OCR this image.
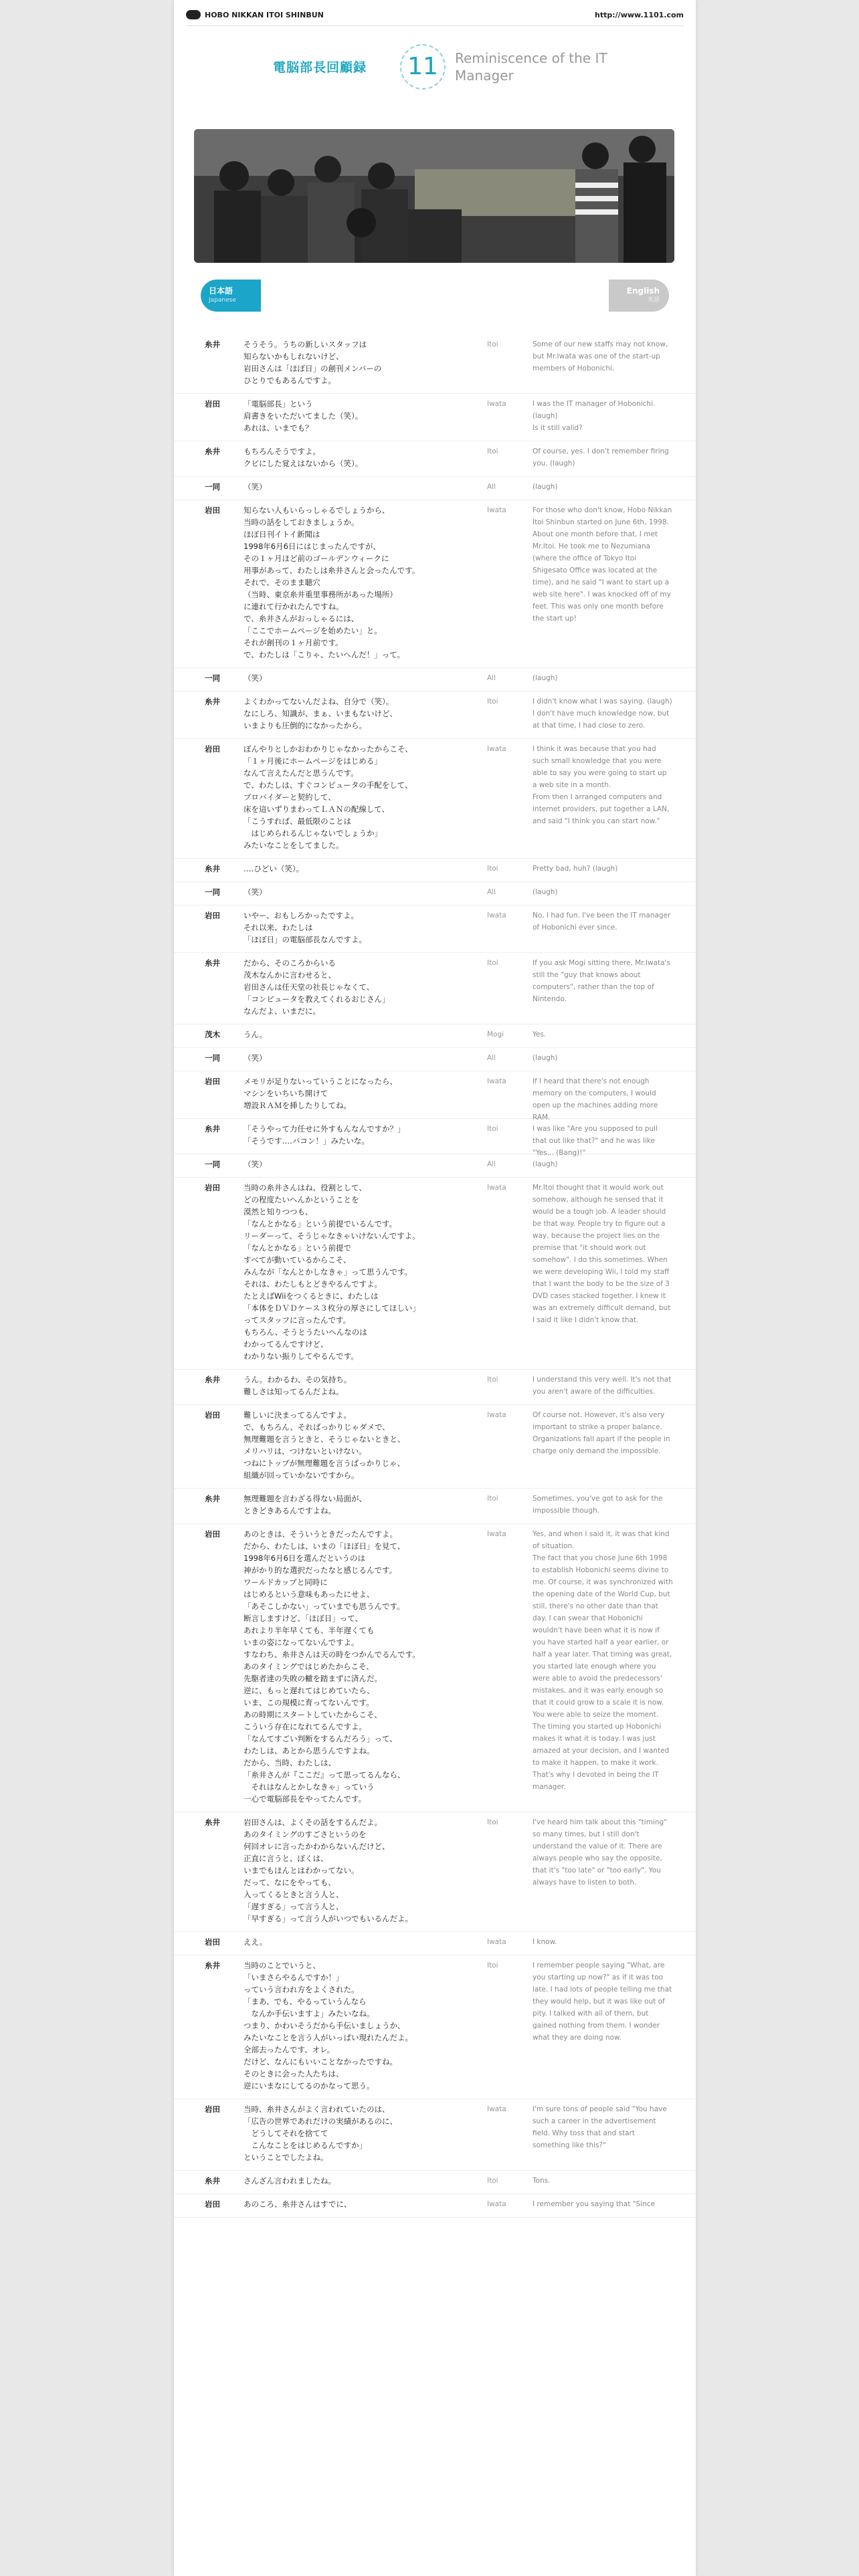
HOBO NIKKAN ITOI SHINBUN	http://www.1101.com
電脳部長回顧録	11	Reminiscence of the IT Manager
日本語
Japanese
English
英語
糸井	そうそう。うちの新しいスタッフは
知らないかもしれないけど、
岩田さんは「ほぼ日」の創刊メンバーの
ひとりでもあるんですよ。
Itoi	Some of our new staffs may not know, but Mr.Iwata was one of the start-up members of Hobonichi.
岩田	「電脳部長」という
肩書きをいただいてました（笑）。
あれは、いまでも？
Iwata	I was the IT manager of Hobonichi. (laugh)
Is it still valid?
糸井	もちろんそうですよ。
クビにした覚えはないから（笑）。
Itoi	Of course, yes. I don't remember firing you. (laugh)
一同	（笑）	All	(laugh)
岩田	知らない人もいらっしゃるでしょうから、
当時の話をしておきましょうか。
ほぼ日刊イトイ新聞は
1998年6月6日にはじまったんですが、
その１ヶ月ほど前のゴールデンウィークに
用事があって、わたしは糸井さんと会ったんです。
それで、そのまま聴穴
（当時、東京糸井重里事務所があった場所）
に連れて行かれたんですね。
で、糸井さんがおっしゃるには、
「ここでホームページを始めたい」と。
それが創刊の１ヶ月前です。
で、わたしは「こりゃ、たいへんだ！」って。
Iwata	For those who don't know, Hobo Nikkan Itoi Shinbun started on June 6th, 1998. About one month before that, I met Mr.Itoi. He took me to Nezumiana (where the office of Tokyo Itoi Shigesato Office was located at the time), and he said "I want to start up a web site here". I was knocked off of my feet. This was only one month before the start up!
一同	（笑）	All	(laugh)
糸井	よくわかってないんだよね、自分で（笑）。
なにしろ、知識が、まぁ、いまもないけど、
いまよりも圧倒的になかったから。
Itoi	I didn't know what I was saying. (laugh)
I don't have much knowledge now, but at that time, I had close to zero.
岩田	ぼんやりとしかおわかりじゃなかったからこそ、
「１ヶ月後にホームページをはじめる」
なんて言えたんだと思うんです。
で、わたしは、すぐコンピュータの手配をして、
プロバイダーと契約して、
床を這いずりまわってＬＡＮの配線して、
「こうすれば、最低限のことは
　はじめられるんじゃないでしょうか」
みたいなことをしてました。
Iwata	I think it was because that you had such small knowledge that you were able to say you were going to start up a web site in a month.
From then I arranged computers and internet providers, put together a LAN, and said "I think you can start now."
糸井	‥‥ひどい（笑）。	Itoi	Pretty bad, huh? (laugh)
一同	（笑）	All	(laugh)
岩田	いやー、おもしろかったですよ。
それ以来、わたしは
「ほぼ日」の電脳部長なんですよ。
Iwata	No, I had fun. I've been the IT manager of Hobonichi ever since.
糸井	だから、そのころからいる
茂木なんかに言わせると、
岩田さんは任天堂の社長じゃなくて、
「コンピュータを教えてくれるおじさん」
なんだよ、いまだに。
Itoi	If you ask Mogi sitting there, Mr.Iwata's still the "guy that knows about computers", rather than the top of Nintendo.
茂木	うん。	Mogi	Yes.
一同	（笑）	All	(laugh)
岩田	メモリが足りないっていうことになったら、
マシンをいちいち開けて
増設ＲＡＭを挿したりしてね。
Iwata	If I heard that there's not enough memory on the computers, I would open up the machines adding more RAM.
糸井	「そうやって力任せに外すもんなんですか？」
「そうです‥‥バコン！」みたいな。
Itoi	I was like "Are you supposed to pull that out like that?" and he was like "Yes... (Bang)!"
一同	（笑）	All	(laugh)
岩田	当時の糸井さんはね、役割として、
どの程度たいへんかということを
漠然と知りつつも、
「なんとかなる」という前提でいるんです。
リーダーって、そうじゃなきゃいけないんですよ。
「なんとかなる」という前提で
すべてが動いているからこそ、
みんなが「なんとかしなきゃ」って思うんです。
それは、わたしもとどきやるんですよ。
たとえばWiiをつくるときに、わたしは
「本体をＤＶＤケース３枚分の厚さにしてほしい」
ってスタッフに言ったんです。
もちろん、そうとうたいへんなのは
わかってるんですけど、
わかりない振りしてやるんです。
Iwata	Mr.Itoi thought that it would work out somehow, although he sensed that it would be a tough job. A leader should be that way. People try to figure out a way, because the project lies on the premise that "it should work out somehow". I do this sometimes. When we were developing Wii, I told my staff that I want the body to be the size of 3 DVD cases stacked together. I knew it was an extremely difficult demand, but I said it like I didn't know that.
糸井	うん。わかるわ、その気持ち。
難しさは知ってるんだよね。
Itoi	I understand this very well. It's not that you aren't aware of the difficulties.
岩田	難しいに決まってるんですよ。
で、もちろん、そればっかりじゃダメで、
無理難題を言うときと、そうじゃないときと、
メリハリは、つけないといけない。
つねにトップが無理難題を言うばっかりじゃ、
組織が回っていかないですから。
Iwata	Of course not. However, it's also very important to strike a proper balance. Organizations fall apart if the people in charge only demand the impossible.
糸井	無理難題を言わざる得ない局面が、
ときどきあるんですよね。
Itoi	Sometimes, you've got to ask for the impossible though.
岩田	あのときは、そういうときだったんですよ。
だから、わたしは、いまの「ほぼ日」を見て、
1998年6月6日を選んだというのは
神がかり的な選択だったなと感じるんです。
ワールドカップと同時に
はじめるという意味もあったにせよ、
「あそこしかない」っていまでも思うんです。
断言しますけど、「ほぼ日」って、
あれより半年早くても、半年遅くても
いまの姿になってないんですよ。
すなわち、糸井さんは天の時をつかんでるんです。
あのタイミングではじめたからこそ、
先駆者達の失敗の轍を踏まずに済んだ。
逆に、もっと遅れてはじめていたら、
いま、この規模に育ってないんです。
あの時期にスタートしていたからこそ、
こういう存在になれてるんですよ。
「なんてすごい判断をするんだろう」って、
わたしは、あとから思うんですよね。
だから、当時、わたしは、
「糸井さんが『ここだ』って思ってるんなら、
　それはなんとかしなきゃ」っていう
一心で電脳部長をやってたんです。
Iwata	Yes, and when I said it, it was that kind of situation.
The fact that you chose June 6th 1998 to establish Hobonichi seems divine to me. Of course, it was synchronized with the opening date of the World Cup, but still, there's no other date than that day. I can swear that Hobonichi wouldn't have been what it is now if you have started half a year earlier, or half a year later. That timing was great, you started late enough where you were able to avoid the predecessors' mistakes, and it was early enough so that it could grow to a scale it is now. You were able to seize the moment. The timing you started up Hobonichi makes it what it is today. I was just amazed at your decision, and I wanted to make it happen, to make it work. That's why I devoted in being the IT manager.
糸井	岩田さんは、よくその話をするんだよ。
あのタイミングのすごさというのを
何回オレに言ったかわからないんだけど、
正直に言うと、ぼくは、
いまでもほんとはわかってない。
だって、なにをやっても、
入ってくるときと言う人と、
「遅すぎる」って言う人と、
「早すぎる」って言う人がいつでもいるんだよ。
Itoi	I've heard him talk about this "timing" so many times, but I still don't understand the value of it. There are always people who say the opposite, that it's "too late" or "too early". You always have to listen to both.
岩田	ええ。	Iwata	I know.
糸井	当時のことでいうと、
「いまさらやるんですか！」
っていう言われ方をよくされた。
「まあ、でも、やるっていうんなら
　なんか手伝いますよ」みたいなね。
つまり、かわいそうだから手伝いましょうか、
みたいなことを言う人がいっぱい現れたんだよ。
全部去ったんです、オレ。
だけど、なんにもいいことなかったですね。
そのときに会った人たちは、
逆にいまなにしてるのかなって思う。
Itoi	I remember people saying "What, are you starting up now?" as if it was too late. I had lots of people telling me that they would help, but it was like out of pity. I talked with all of them, but gained nothing from them. I wonder what they are doing now.
岩田	当時、糸井さんがよく言われていたのは、
「広告の世界であれだけの実績があるのに、
　どうしてそれを捨てて
　こんなことをはじめるんですか」
ということでしたよね。
Iwata	I'm sure tons of people said "You have such a career in the advertisement field. Why toss that and start something like this?"
糸井	さんざん言われましたね。	Itoi	Tons.
岩田	あのころ、糸井さんはすでに、	Iwata	I remember you saying that "Since
